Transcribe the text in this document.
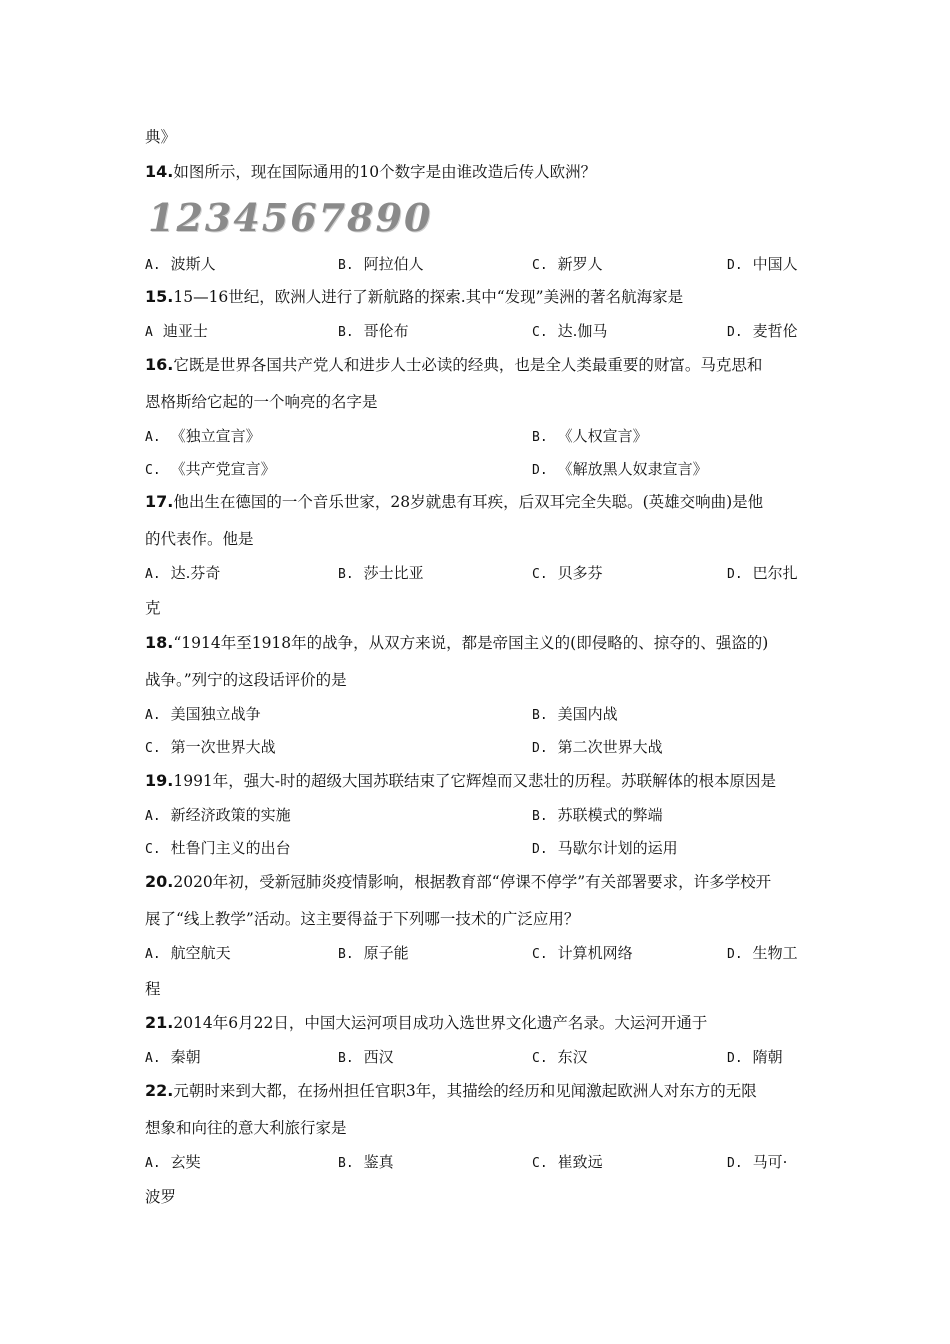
典》
14.如图所示，现在国际通用的10个数字是由谁改造后传人欧洲？
1234567890
A. 波斯人	B. 阿拉伯人	C. 新罗人	D. 中国人
15.15—16世纪，欧洲人进行了新航路的探索.其中“发现”美洲的著名航海家是
A 迪亚士	B. 哥伦布	C. 达.伽马	D. 麦哲伦
16.它既是世界各国共产党人和进步人士必读的经典，也是全人类最重要的财富。马克思和
恩格斯给它起的一个响亮的名字是
A. 《独立宣言》	B. 《人权宣言》
C. 《共产党宣言》	D. 《解放黑人奴隶宣言》
17.他出生在德国的一个音乐世家，28岁就患有耳疾，后双耳完全失聪。(英雄交响曲)是他
的代表作。他是
A. 达.芬奇	B. 莎士比亚	C. 贝多芬	D. 巴尔扎
克
18.“1914年至1918年的战争，从双方来说，都是帝国主义的(即侵略的、掠夺的、强盗的)
战争。”列宁的这段话评价的是
A. 美国独立战争	B. 美国内战
C. 第一次世界大战	D. 第二次世界大战
19.1991年，强大-时的超级大国苏联结束了它辉煌而又悲壮的历程。苏联解体的根本原因是
A. 新经济政策的实施	B. 苏联模式的弊端
C. 杜鲁门主义的出台	D. 马歇尔计划的运用
20.2020年初，受新冠肺炎疫情影响，根据教育部“停课不停学”有关部署要求，许多学校开
展了“线上教学”活动。这主要得益于下列哪一技术的广泛应用？
A. 航空航天	B. 原子能	C. 计算机网络	D. 生物工
程
21.2014年6月22日，中国大运河项目成功入选世界文化遗产名录。大运河开通于
A. 秦朝	B. 西汉	C. 东汉	D. 隋朝
22.元朝时来到大都，在扬州担任官职3年，其描绘的经历和见闻激起欧洲人对东方的无限
想象和向往的意大利旅行家是
A. 玄奘	B. 鉴真	C. 崔致远	D. 马可·
波罗
